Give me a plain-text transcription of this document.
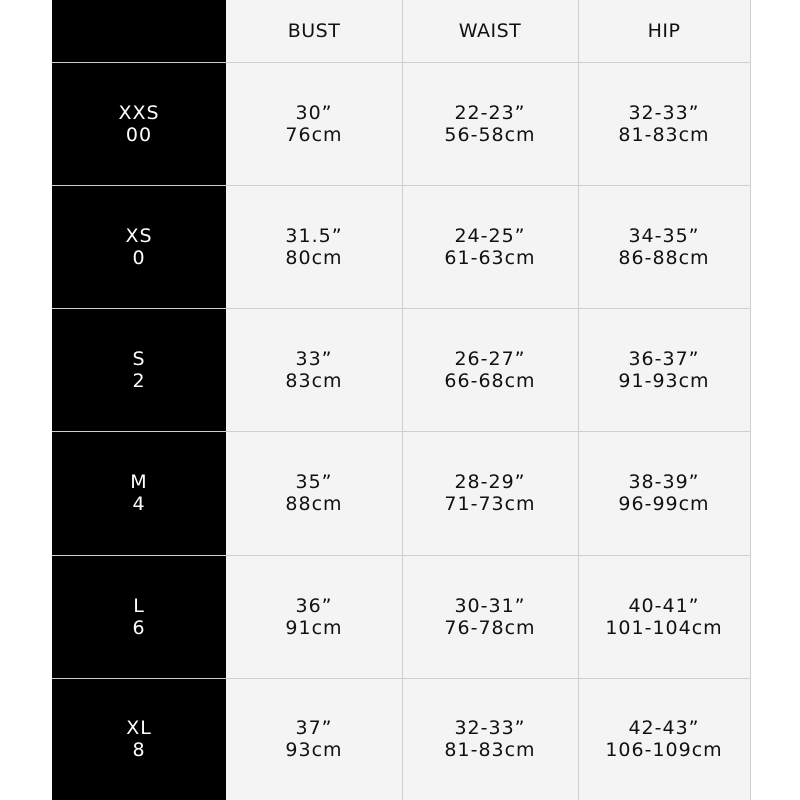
BUST	WAIST	HIP
XXS
00
30”
76cm
22-23”
56-58cm
32-33”
81-83cm
XS
0
31.5”
80cm
24-25”
61-63cm
34-35”
86-88cm
S
2
33”
83cm
26-27”
66-68cm
36-37”
91-93cm
M
4
35”
88cm
28-29”
71-73cm
38-39”
96-99cm
L
6
36”
91cm
30-31”
76-78cm
40-41”
101-104cm
XL
8
37”
93cm
32-33”
81-83cm
42-43”
106-109cm
